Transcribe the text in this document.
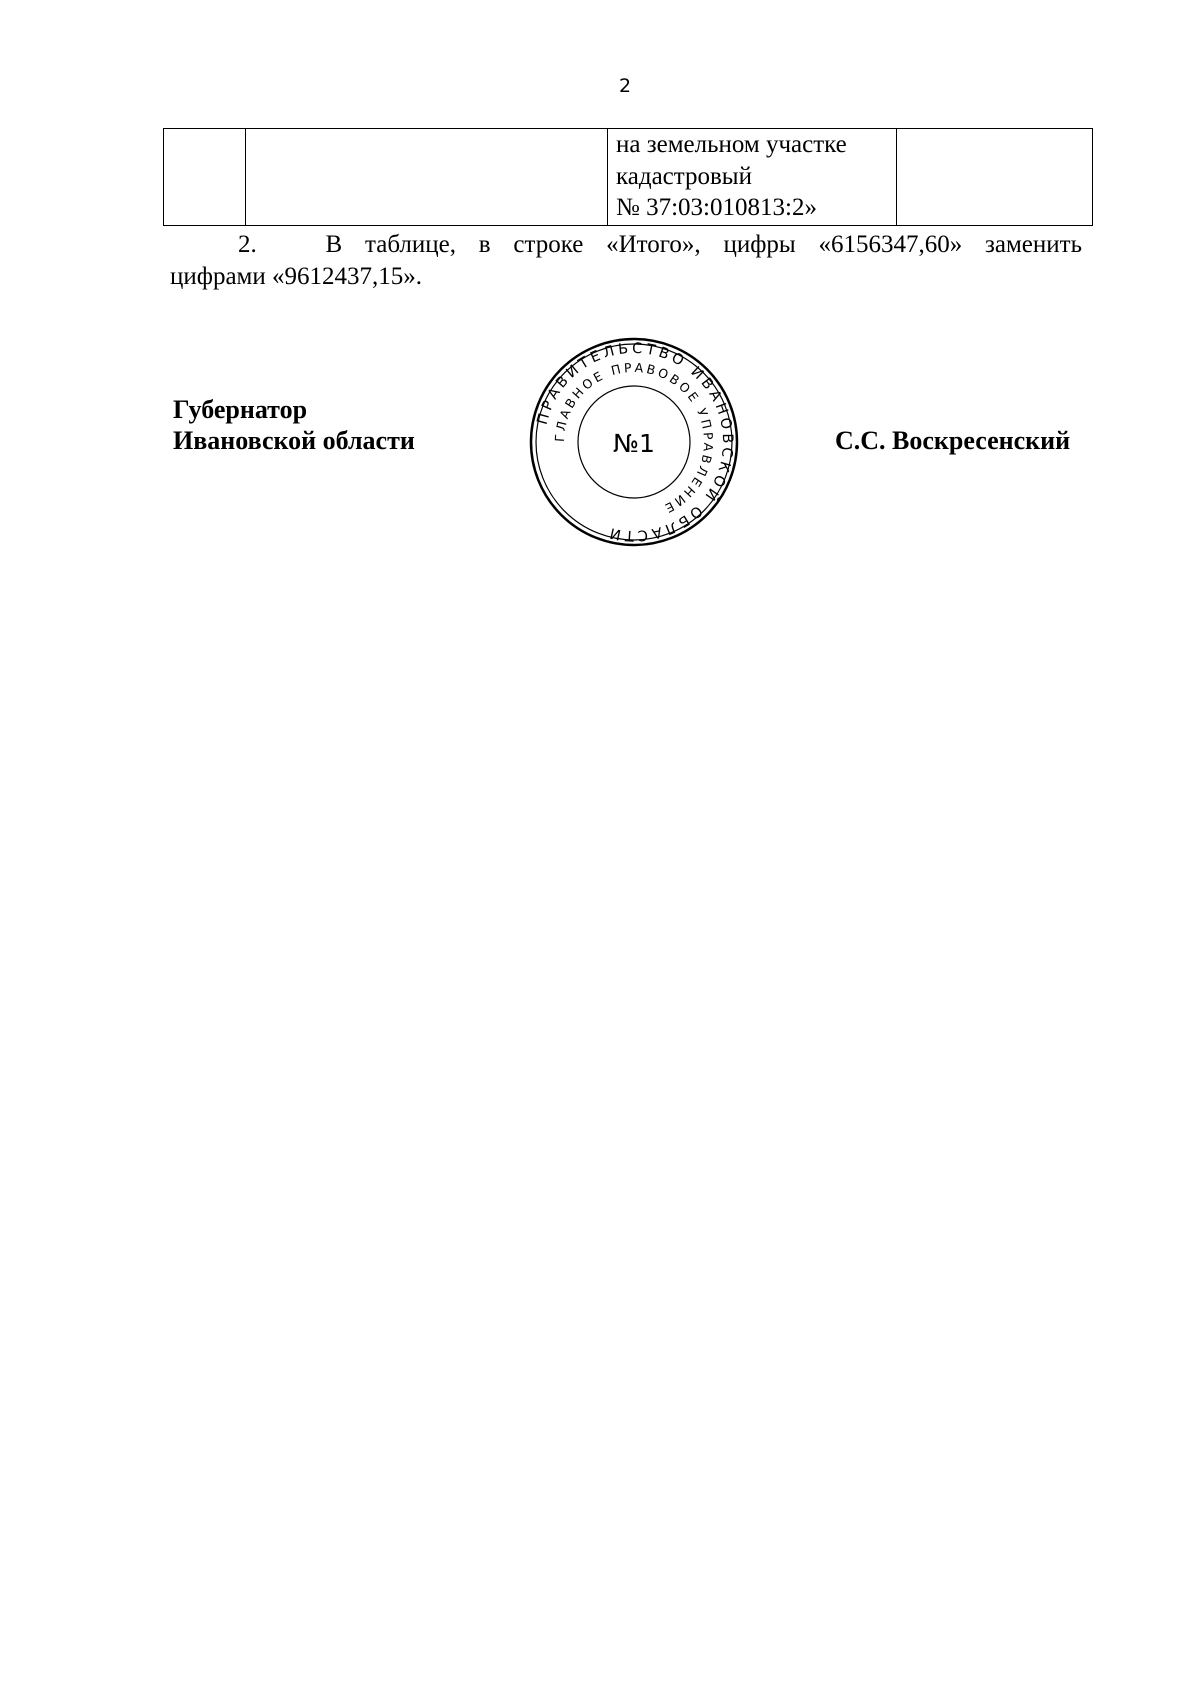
2
		на земельном участке
кадастровый
№ 37:03:010813:2»	
2.	В таблице, в строке «Итого», цифры «6156347,60» заменить
цифрами «9612437,15».
Губернатор
Ивановской области
ПРАВИТЕЛЬСТВО ИВАНОВСКОЙ ОБЛАСТИ
ГЛАВНОЕ ПРАВОВОЕ УПРАВЛЕНИЕ
№1	С.С. Воскресенский
